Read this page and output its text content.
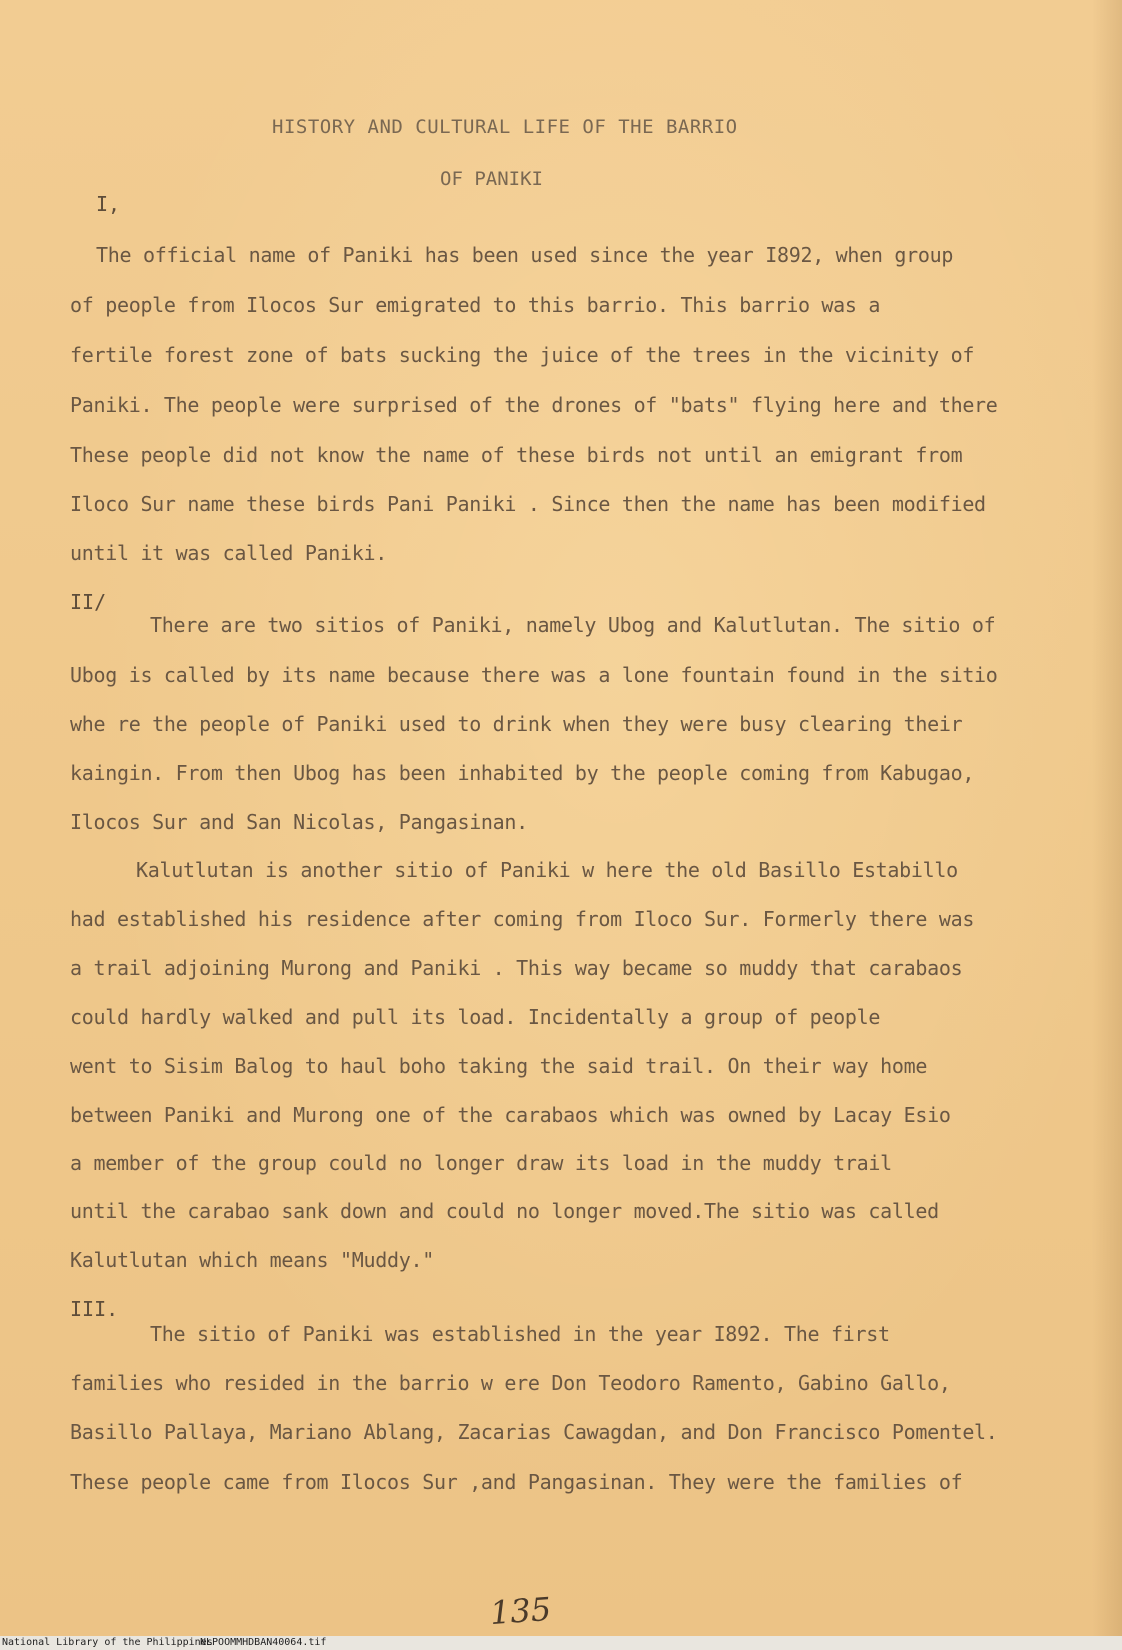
HISTORY AND CULTURAL LIFE OF THE BARRIO
OF PANIKI
I,
The official name of Paniki has been used since the year I892, when group
of people from Ilocos Sur emigrated to this barrio. This barrio was a
fertile forest zone of bats sucking the juice of the trees in the vicinity of
Paniki. The people were surprised of the drones of "bats" flying here and there
These people did not know the name of these birds not until an emigrant from
Iloco Sur name these birds Pani Paniki . Since then the name has been modified
until it was called Paniki.
II/
There are two sitios of Paniki, namely Ubog and Kalutlutan. The sitio of
Ubog is called by its name because there was a lone fountain found in the sitio
whe re the people of Paniki used to drink when they were busy clearing their
kaingin. From then Ubog has been inhabited by the people coming from Kabugao,
Ilocos Sur and San Nicolas, Pangasinan.
Kalutlutan is another sitio of Paniki w here the old Basillo Estabillo
had established his residence after coming from Iloco Sur. Formerly there was
a trail adjoining Murong and Paniki . This way became so muddy that carabaos
could hardly walked and pull its load. Incidentally a group of people
went to Sisim Balog to haul boho taking the said trail. On their way home
between Paniki and Murong one of the carabaos which was owned by Lacay Esio
a member of the group could no longer draw its load in the muddy trail
until the carabao sank down and could no longer moved.The sitio was called
Kalutlutan which means "Muddy."
III.
The sitio of Paniki was established in the year I892. The first
families who resided in the barrio w ere Don Teodoro Ramento, Gabino Gallo,
Basillo Pallaya, Mariano Ablang, Zacarias Cawagdan, and Don Francisco Pomentel.
These people came from Ilocos Sur ,and Pangasinan. They were the families of
135
National Library of the Philippines
NLPOOMMHDBAN40064.tif
